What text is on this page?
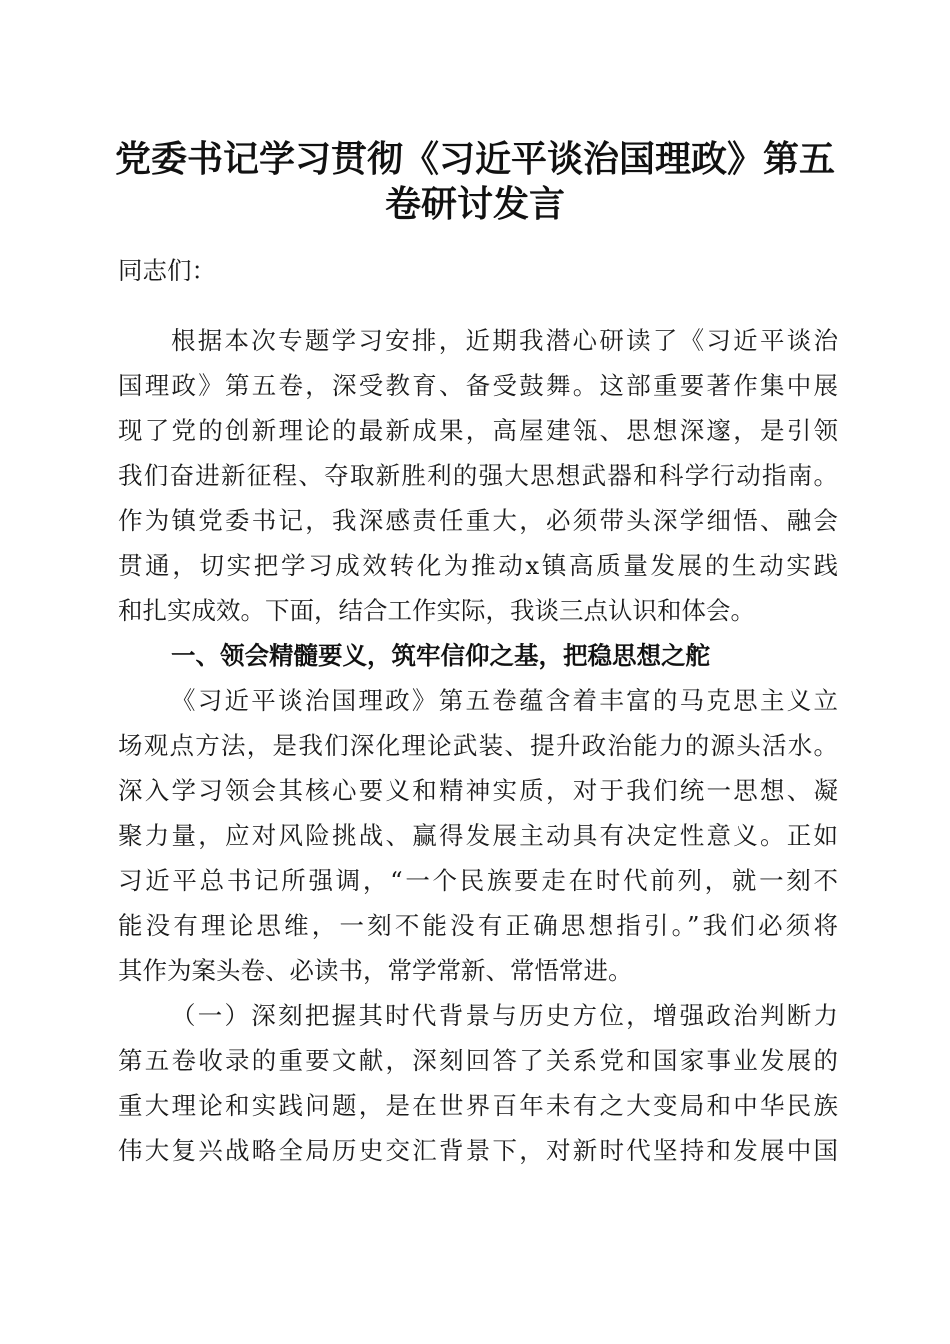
党委书记学习贯彻《习近平谈治国理政》第五
卷研讨发言
同志们：
根据本次专题学习安排，近期我潜心研读了《习近平谈治
国理政》第五卷，深受教育、备受鼓舞。这部重要著作集中展
现了党的创新理论的最新成果，高屋建瓴、思想深邃，是引领
我们奋进新征程、夺取新胜利的强大思想武器和科学行动指南。
作为镇党委书记，我深感责任重大，必须带头深学细悟、融会
贯通，切实把学习成效转化为推动x镇高质量发展的生动实践
和扎实成效。下面，结合工作实际，我谈三点认识和体会。
一、领会精髓要义，筑牢信仰之基，把稳思想之舵
《习近平谈治国理政》第五卷蕴含着丰富的马克思主义立
场观点方法，是我们深化理论武装、提升政治能力的源头活水。
深入学习领会其核心要义和精神实质，对于我们统一思想、凝
聚力量，应对风险挑战、赢得发展主动具有决定性意义。正如
习近平总书记所强调，“一个民族要走在时代前列，就一刻不
能没有理论思维，一刻不能没有正确思想指引。”我们必须将
其作为案头卷、必读书，常学常新、常悟常进。
（一）深刻把握其时代背景与历史方位，增强政治判断力
第五卷收录的重要文献，深刻回答了关系党和国家事业发展的
重大理论和实践问题，是在世界百年未有之大变局和中华民族
伟大复兴战略全局历史交汇背景下，对新时代坚持和发展中国
